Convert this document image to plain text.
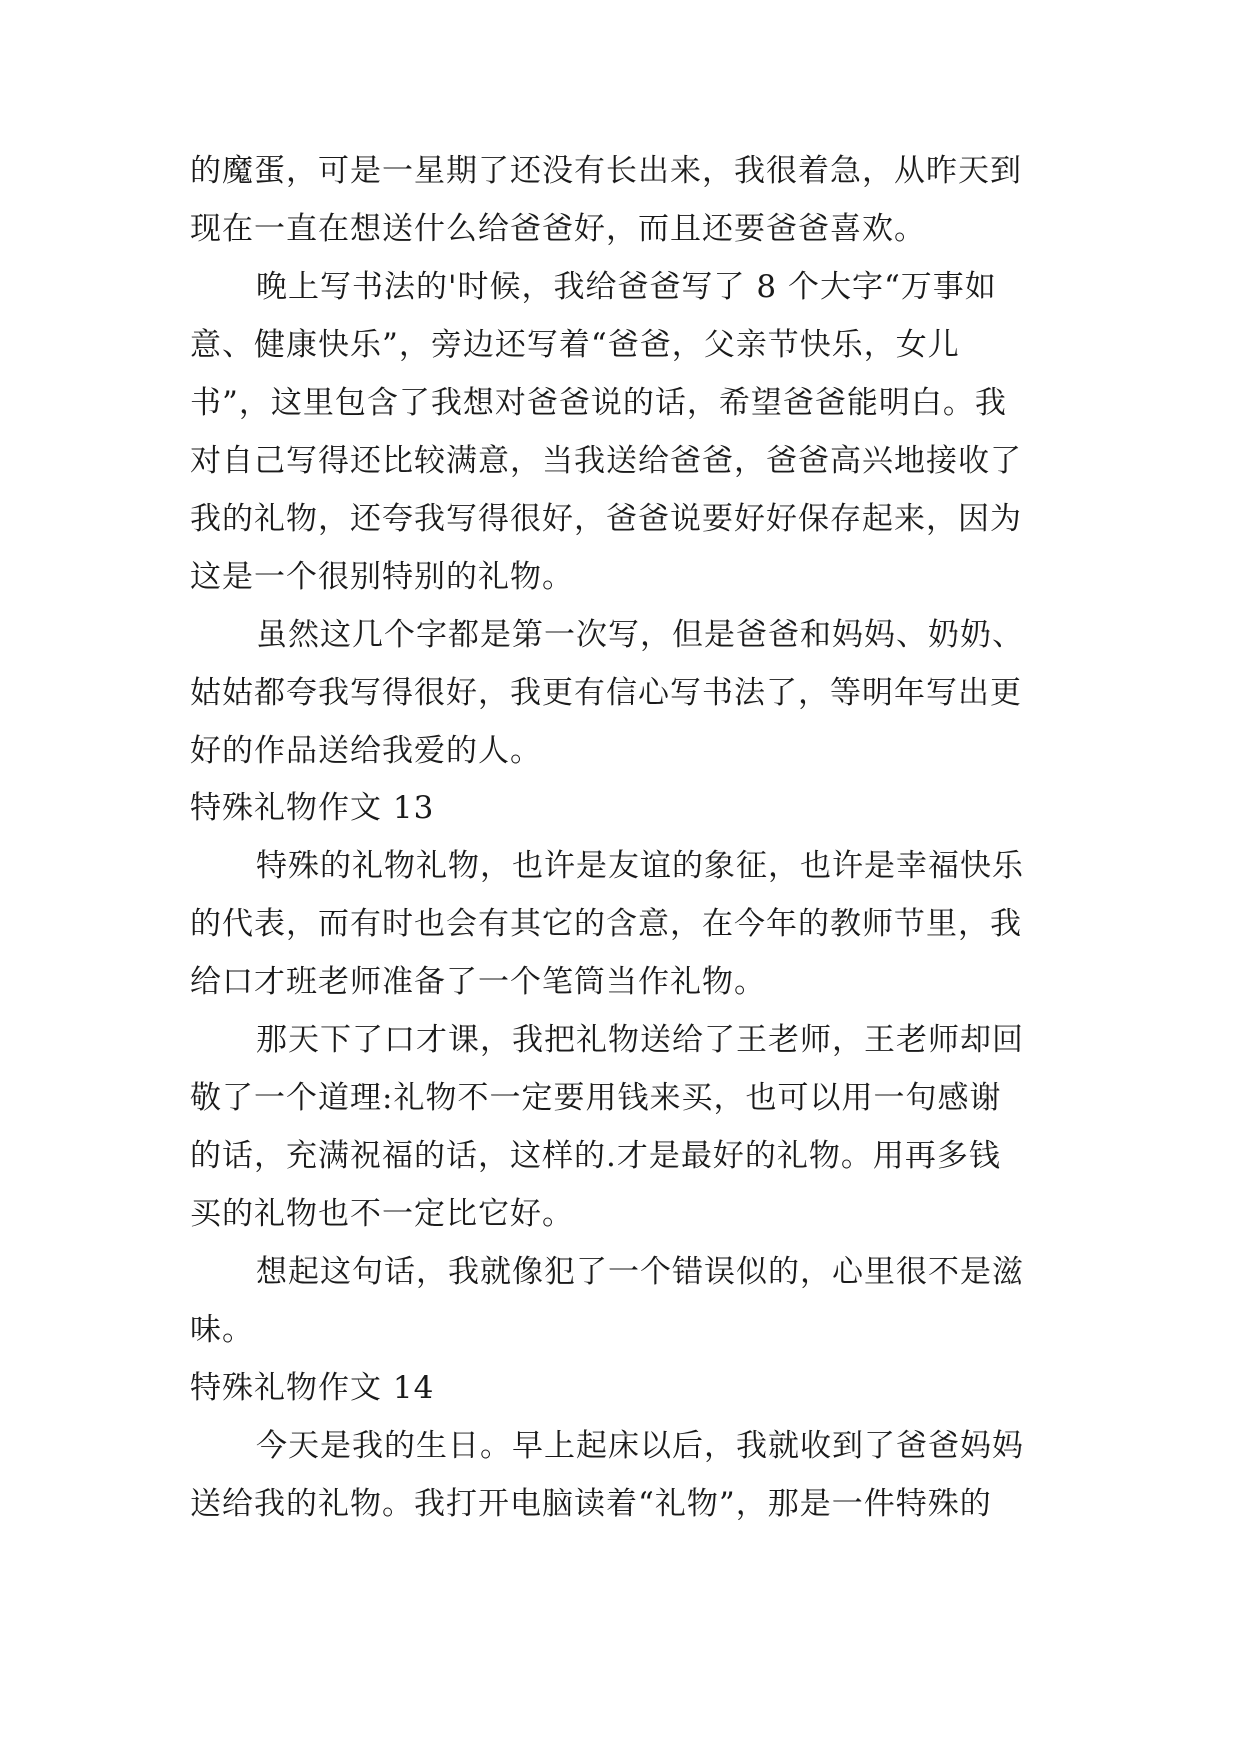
的魔蛋，可是一星期了还没有长出来，我很着急，从昨天到
现在一直在想送什么给爸爸好，而且还要爸爸喜欢。
晚上写书法的'时候，我给爸爸写了 8 个大字“万事如
意、健康快乐”，旁边还写着“爸爸，父亲节快乐，女儿
书”，这里包含了我想对爸爸说的话，希望爸爸能明白。我
对自己写得还比较满意，当我送给爸爸，爸爸高兴地接收了
我的礼物，还夸我写得很好，爸爸说要好好保存起来，因为
这是一个很别特别的礼物。
虽然这几个字都是第一次写，但是爸爸和妈妈、奶奶、
姑姑都夸我写得很好，我更有信心写书法了，等明年写出更
好的作品送给我爱的人。
特殊礼物作文 13
特殊的礼物礼物，也许是友谊的象征，也许是幸福快乐
的代表，而有时也会有其它的含意，在今年的教师节里，我
给口才班老师准备了一个笔筒当作礼物。
那天下了口才课，我把礼物送给了王老师，王老师却回
敬了一个道理:礼物不一定要用钱来买，也可以用一句感谢
的话，充满祝福的话，这样的.才是最好的礼物。用再多钱
买的礼物也不一定比它好。
想起这句话，我就像犯了一个错误似的，心里很不是滋
味。
特殊礼物作文 14
今天是我的生日。早上起床以后，我就收到了爸爸妈妈
送给我的礼物。我打开电脑读着“礼物”，那是一件特殊的
